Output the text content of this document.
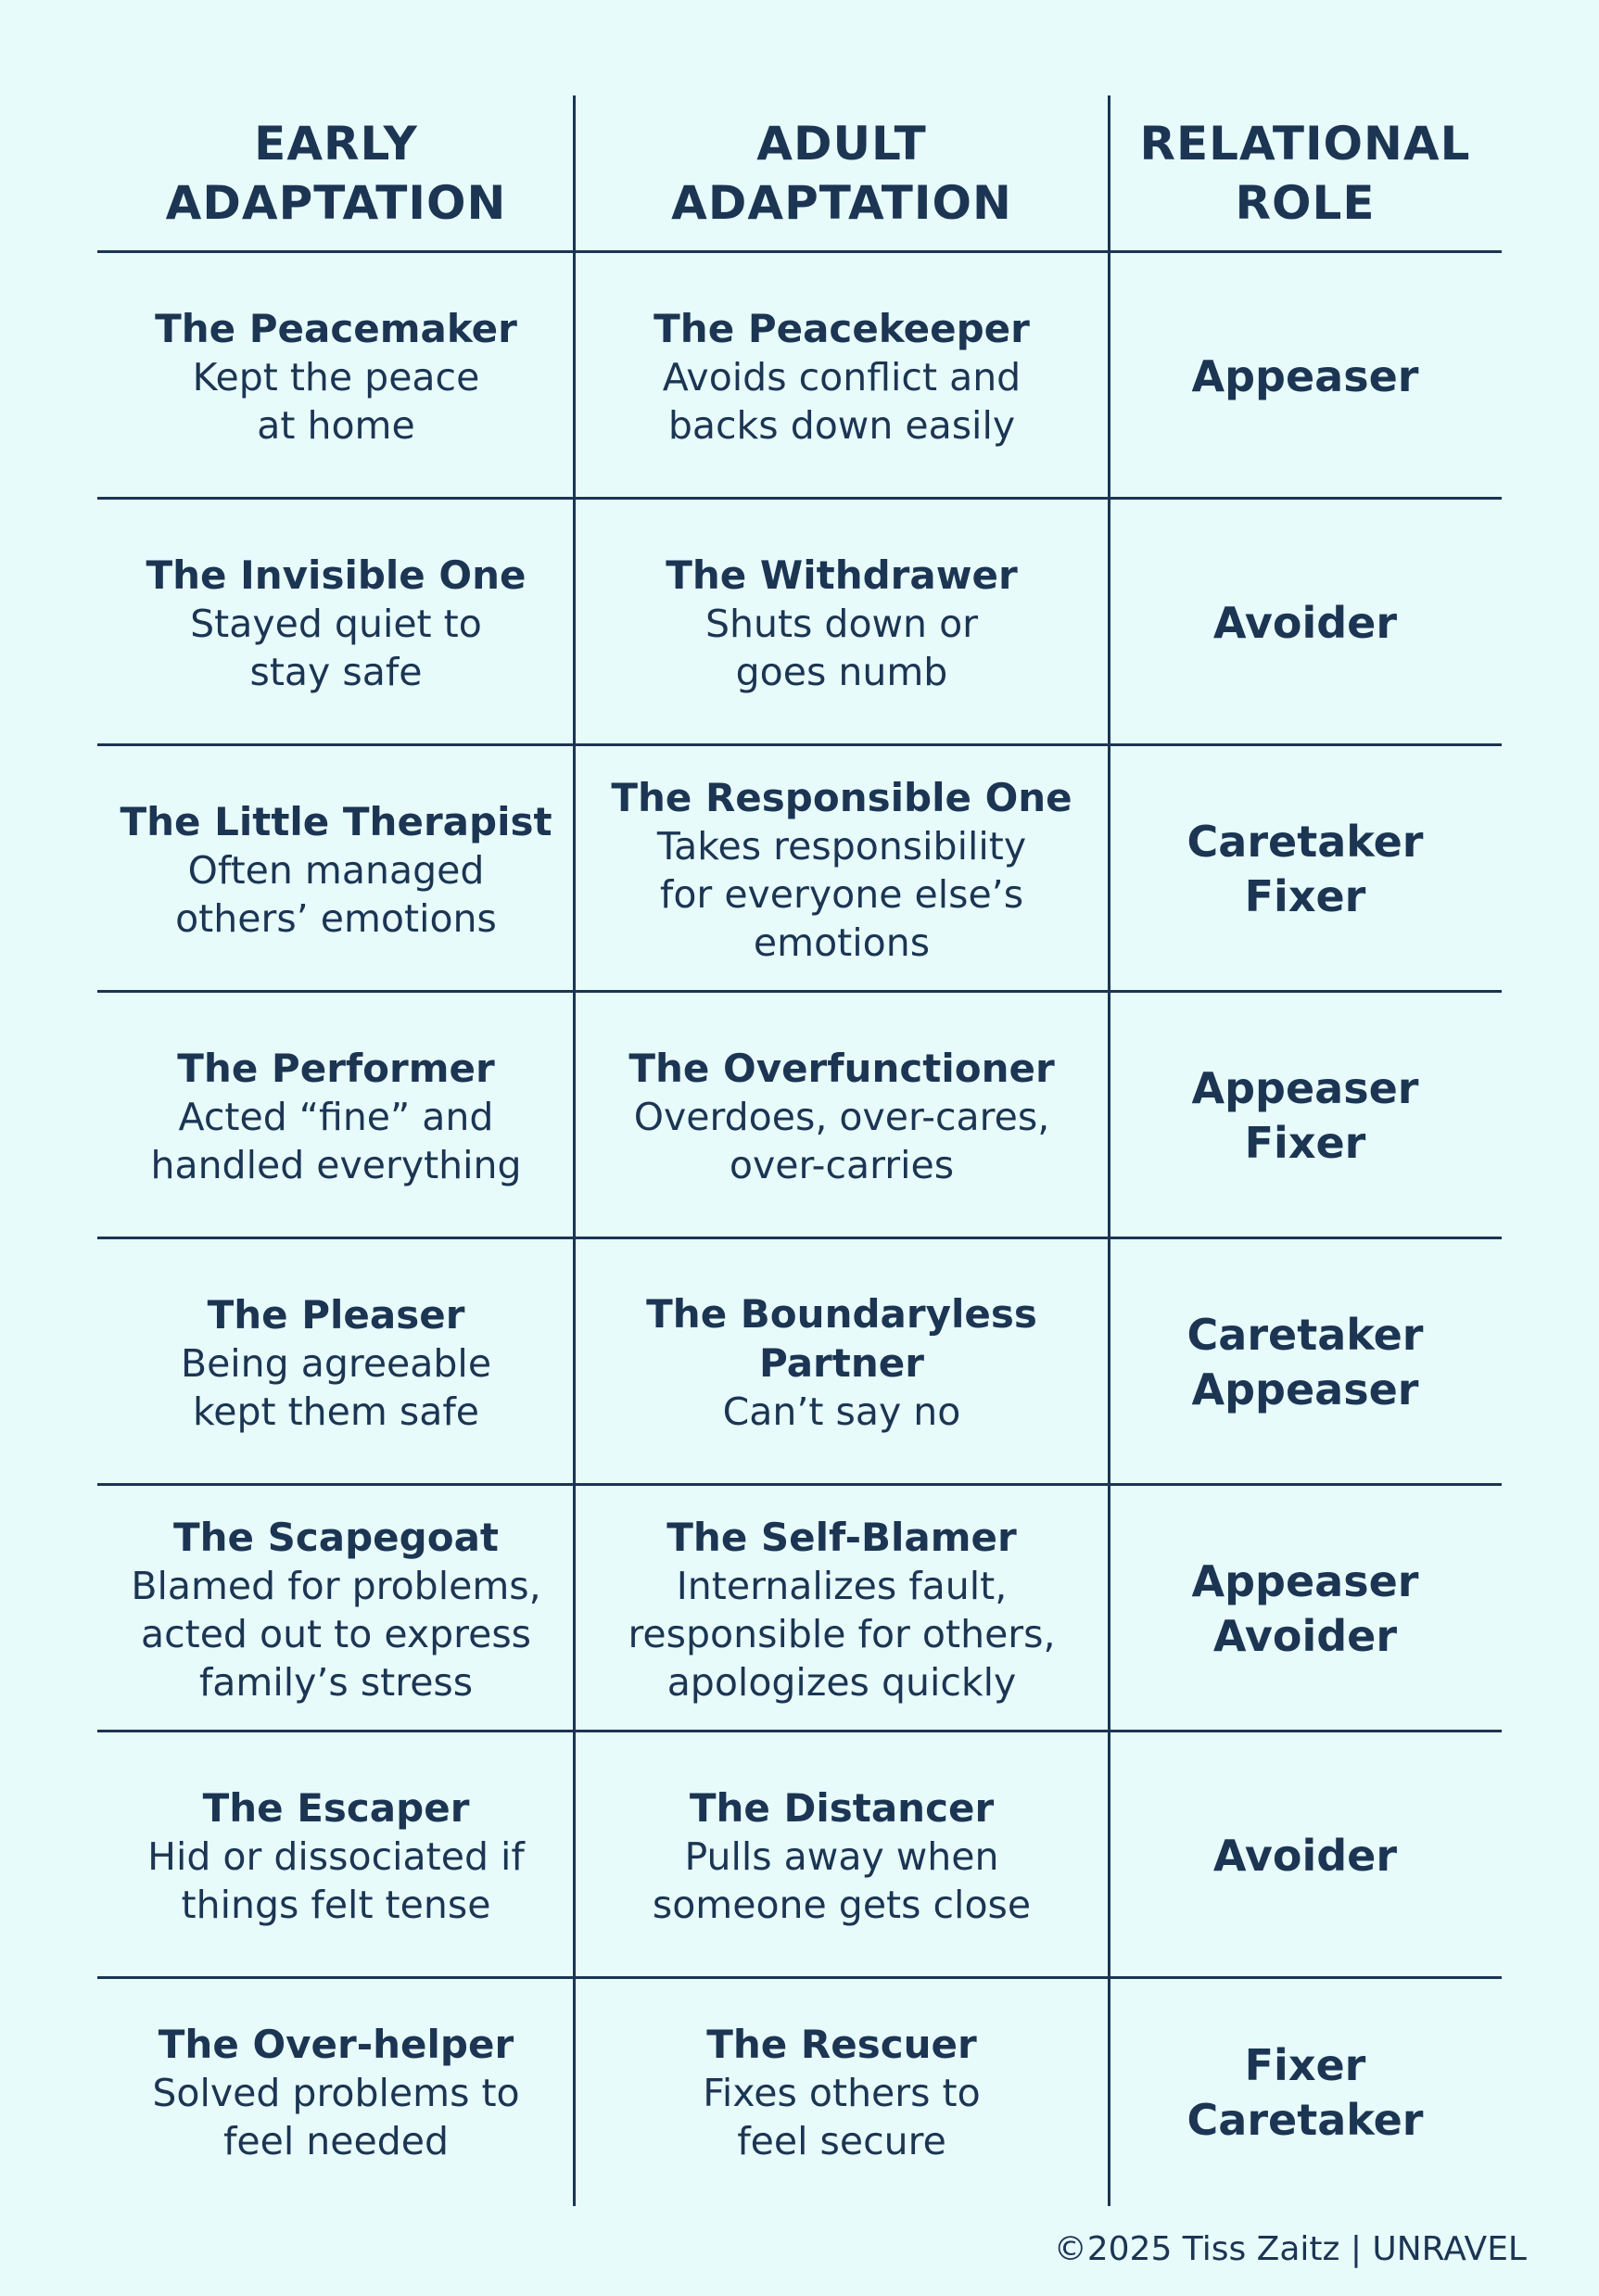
EARLY
ADAPTATION
ADULT
ADAPTATION
RELATIONAL
ROLE
The Peacemaker
Kept the peace
at home
The Peacekeeper
Avoids conflict and
backs down easily
Appeaser
The Invisible One
Stayed quiet to
stay safe
The Withdrawer
Shuts down or
goes numb
Avoider
The Little Therapist
Often managed
others’ emotions
The Responsible One
Takes responsibility
for everyone else’s
emotions
Caretaker
Fixer
The Performer
Acted “fine” and
handled everything
The Overfunctioner
Overdoes, over-cares,
over-carries
Appeaser
Fixer
The Pleaser
Being agreeable
kept them safe
The Boundaryless
Partner
Can’t say no
Caretaker
Appeaser
The Scapegoat
Blamed for problems,
acted out to express
family’s stress
The Self-Blamer
Internalizes fault,
responsible for others,
apologizes quickly
Appeaser
Avoider
The Escaper
Hid or dissociated if
things felt tense
The Distancer
Pulls away when
someone gets close
Avoider
The Over-helper
Solved problems to
feel needed
The Rescuer
Fixes others to
feel secure
Fixer
Caretaker
©2025 Tiss Zaitz | UNRAVEL
